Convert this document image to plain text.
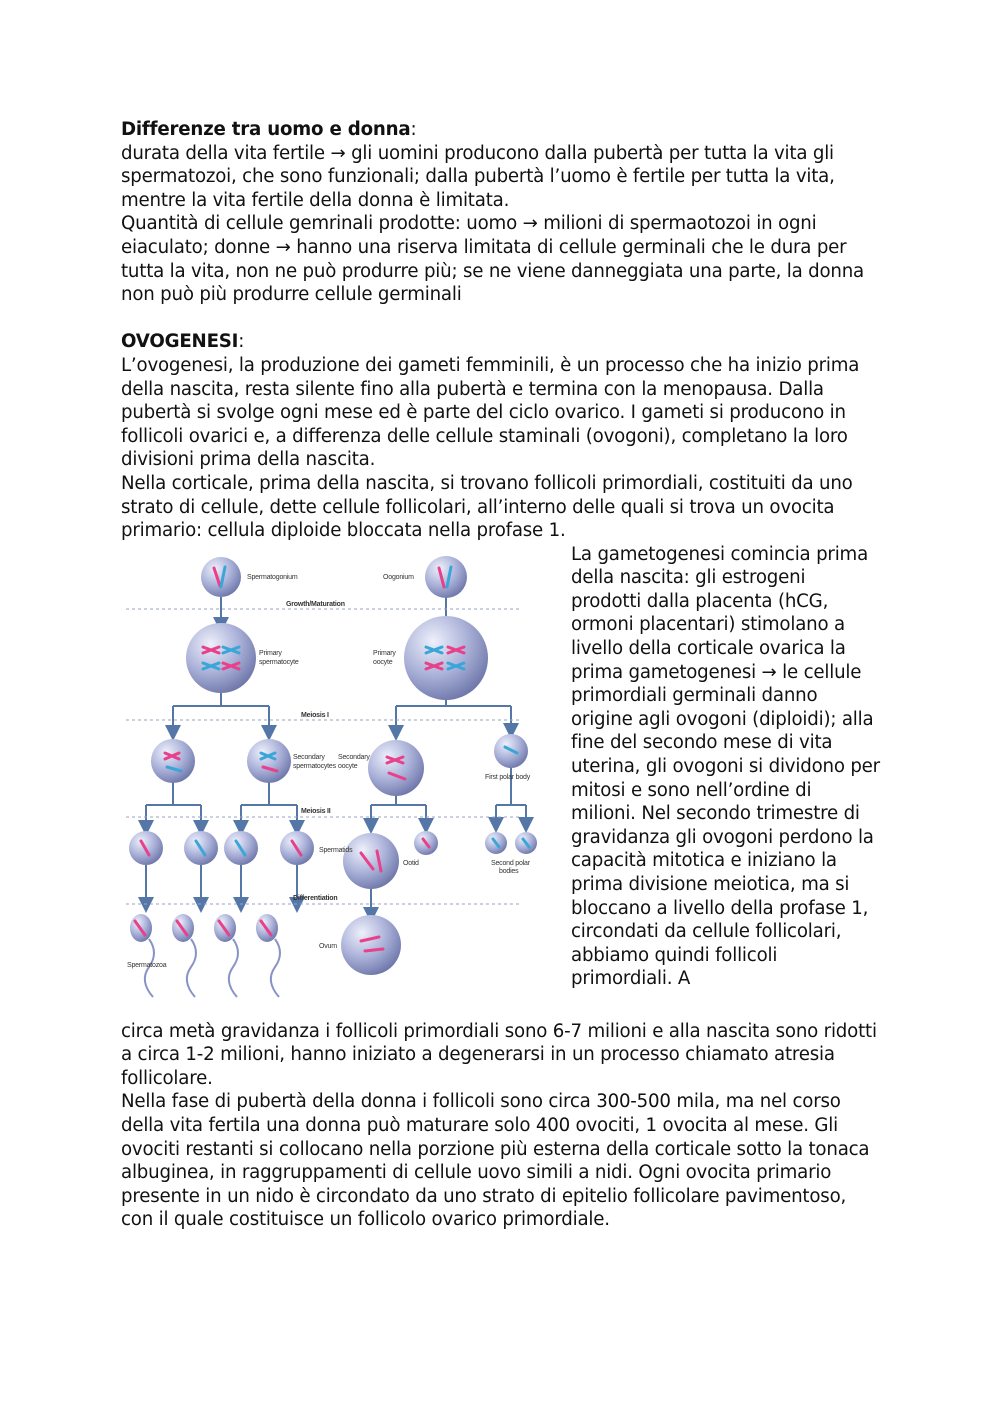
Differenze tra uomo e donna:

durata della vita fertile → gli uomini producono dalla pubertà per tutta la vita gli spermatozoi, che sono funzionali; dalla pubertà l’uomo è fertile per tutta la vita, mentre la vita fertile della donna è limitata.

Quantità di cellule gemrinali prodotte: uomo → milioni di spermaotozoi in ogni eiaculato; donne → hanno una riserva limitata di cellule germinali che le dura per tutta la vita, non ne può produrre più; se ne viene danneggiata una parte, la donna non può più produrre cellule germinali

OVOGENESI:

L’ovogenesi, la produzione dei gameti femminili, è un processo che ha inizio prima della nascita, resta silente fino alla pubertà e termina con la menopausa. Dalla pubertà si svolge ogni mese ed è parte del ciclo ovarico. I gameti si producono in follicoli ovarici e, a differenza delle cellule staminali (ovogoni), completano la loro divisioni prima della nascita.

Nella corticale, prima della nascita, si trovano follicoli primordiali, costituiti da uno strato di cellule, dette cellule follicolari, all’interno delle quali si trova un ovocita primario: cellula diploide bloccata nella profase 1.

Spermatogonium	Oogonium
Growth/Maturation
Primary
spermatocyte
Primary
oocyte
Meiosis I
Secondary
spermatocytes
Secondary
oocyte
First polar body
Meiosis II
Spermatids
Ootid	Second polar
bodies
Differentiation
Ovum
Spermatozoa
La gametogenesi comincia prima della nascita: gli estrogeni prodotti dalla placenta (hCG, ormoni placentari) stimolano a livello della corticale ovarica la prima gametogenesi → le cellule primordiali germinali danno origine agli ovogoni (diploidi); alla fine del secondo mese di vita uterina, gli ovogoni si dividono per mitosi e sono nell’ordine di milioni. Nel secondo trimestre di gravidanza gli ovogoni perdono la capacità mitotica e iniziano la prima divisione meiotica, ma si bloccano a livello della profase 1, circondati da cellule follicolari, abbiamo quindi follicoli primordiali. A

circa metà gravidanza i follicoli primordiali sono 6-7 milioni e alla nascita sono ridotti a circa 1-2 milioni, hanno iniziato a degenerarsi in un processo chiamato atresia follicolare.

Nella fase di pubertà della donna i follicoli sono circa 300-500 mila, ma nel corso della vita fertila una donna può maturare solo 400 ovociti, 1 ovocita al mese. Gli ovociti restanti si collocano nella porzione più esterna della corticale sotto la tonaca albuginea, in raggruppamenti di cellule uovo simili a nidi. Ogni ovocita primario presente in un nido è circondato da uno strato di epitelio follicolare pavimentoso, con il quale costituisce un follicolo ovarico primordiale.
